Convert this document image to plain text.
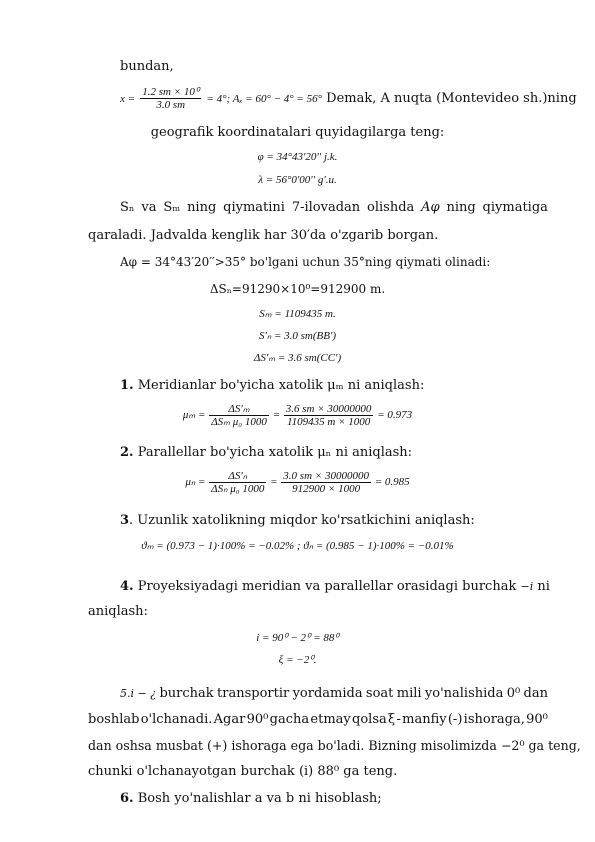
bundan,
$x = \frac{\text{1.2 sm × 10⁰}}{3.0 sm} = 4^\circ$; Aₓ = 60° − 4° = 56° Demak, A nuqta (Montevideo sh.)ning
geografik koordinatalari quyidagilarga teng:
φ = 34°43′20′′ j.k.
λ = 56°0′00′′ g'.u.
Sₙ va Sₘ ning qiymatini 7-ilovadan olishda Aφ ning qiymatiga
qaraladi. Jadvalda kenglik har 30′da o'zgarib borgan.
Aφ = 34°43′20′′>35° bo'lgani uchun 35°ning qiymati olinadi:
ΔSₙ=91290×10⁰=912900 m.
Sₘ = 1109435 m.
S′ₙ = 3.0 sm(BB′)
ΔS′ₘ = 3.6 sm(CC′)
1. Meridianlar bo'yicha xatolik μₘ ni aniqlash:
$\mu_m = \frac{\text{ΔS′ₘ}}{\text{ΔSₘ μ₀ 1000}} = \frac{3.6 sm \times 30000000}{1109435 m \times 1000} = 0.973$
2. Parallellar bo'yicha xatolik μₙ ni aniqlash:
$\mu_n = \frac{\text{ΔS′ₙ}}{\text{ΔSₙ μ₀ 1000}} = \frac{3.0 sm \times 30000000}{912900 \times 1000} = 0.985$
3. Uzunlik xatolikning miqdor ko'rsatkichini aniqlash:
ϑₘ = (0.973 − 1)·100% = −0.02% ; ϑₙ = (0.985 − 1)·100% = −0.01%
4. Proyeksiyadagi meridian va parallellar orasidagi burchak −i ni
aniqlash:
i = 90⁰ − 2⁰ = 88⁰
ξ = −2⁰.
5.i − ¿ burchak transportir yordamida soat mili yo'nalishida 0⁰ dan
boshlab o'lchanadi. Agar 90⁰ gacha etmay qolsa ξ - manfiy (-) ishoraga, 90⁰
dan oshsa musbat (+) ishoraga ega bo'ladi. Bizning misolimizda −2⁰ ga teng,
chunki o'lchanayotgan burchak (i) 88⁰ ga teng.
6. Bosh yo'nalishlar a va b ni hisoblash;
